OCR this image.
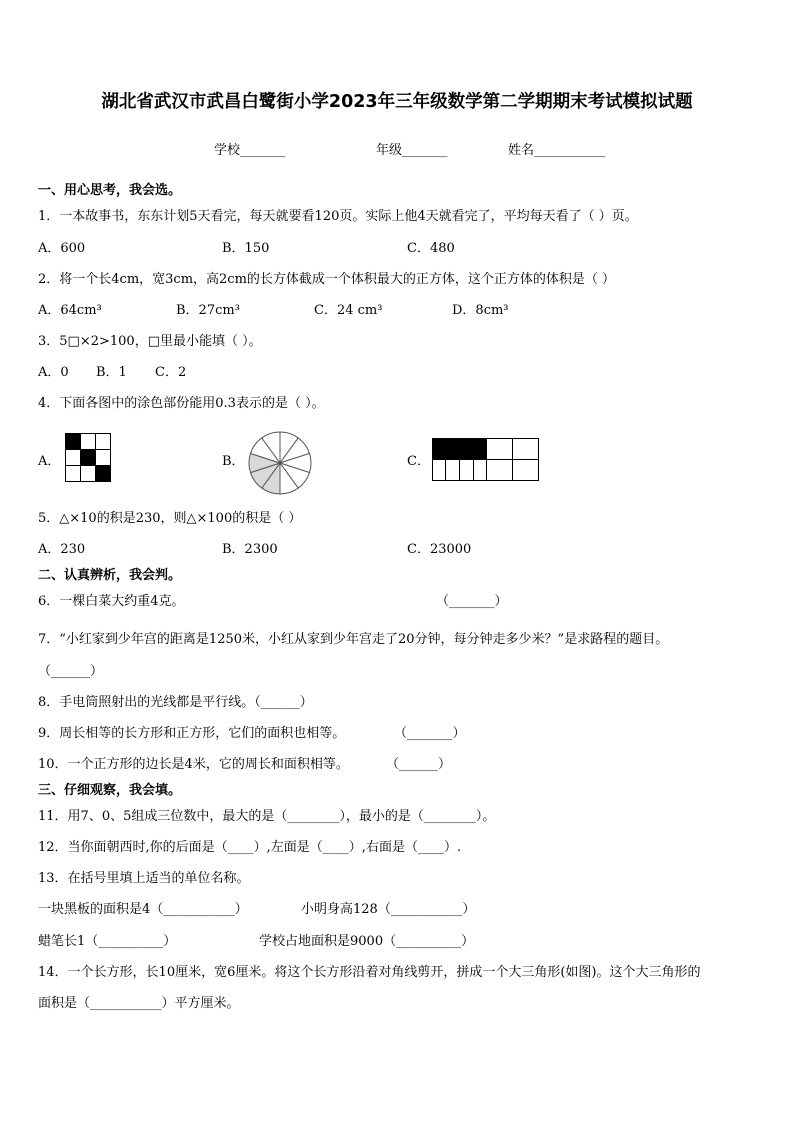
湖北省武汉市武昌白鹭街小学2023年三年级数学第二学期期末考试模拟试题
学校_______	年级_______	姓名___________
一、用心思考，我会选。
1．一本故事书，东东计划5天看完，每天就要看120页。实际上他4天就看完了，平均每天看了（ ）页。
A．600	B．150	C．480
2．将一个长4cm，宽3cm，高2cm的长方体截成一个体积最大的正方体，这个正方体的体积是（ ）
A．64cm³	B．27cm³	C．24 cm³	D．8cm³
3．5□×2>100，□里最小能填（ ）。
A．0 B．1 C．2
4．下面各图中的涂色部份能用0.3表示的是（ ）。
A．	B．	C．
5．△×10的积是230，则△×100的积是（ ）
A．230	B．2300	C．23000
二、认真辨析，我会判。
6．一棵白菜大约重4克。	（_______）
7．“小红家到少年宫的距离是1250米，小红从家到少年宫走了20分钟，每分钟走多少米？”是求路程的题目。
（______）
8．手电筒照射出的光线都是平行线。（______）
9．周长相等的长方形和正方形，它们的面积也相等。	（_______）
10．一个正方形的边长是4米，它的周长和面积相等。	（______）
三、仔细观察，我会填。
11．用7、0、5组成三位数中，最大的是（________），最小的是（________）。
12．当你面朝西时,你的后面是（____）,左面是（____）,右面是（____）.
13．在括号里填上适当的单位名称。
一块黑板的面积是4（___________）	小明身高128（___________）
蜡笔长1（__________）	学校占地面积是9000（__________）
14．一个长方形，长10厘米，宽6厘米。将这个长方形沿着对角线剪开，拼成一个大三角形(如图)。这个大三角形的
面积是（___________）平方厘米。
